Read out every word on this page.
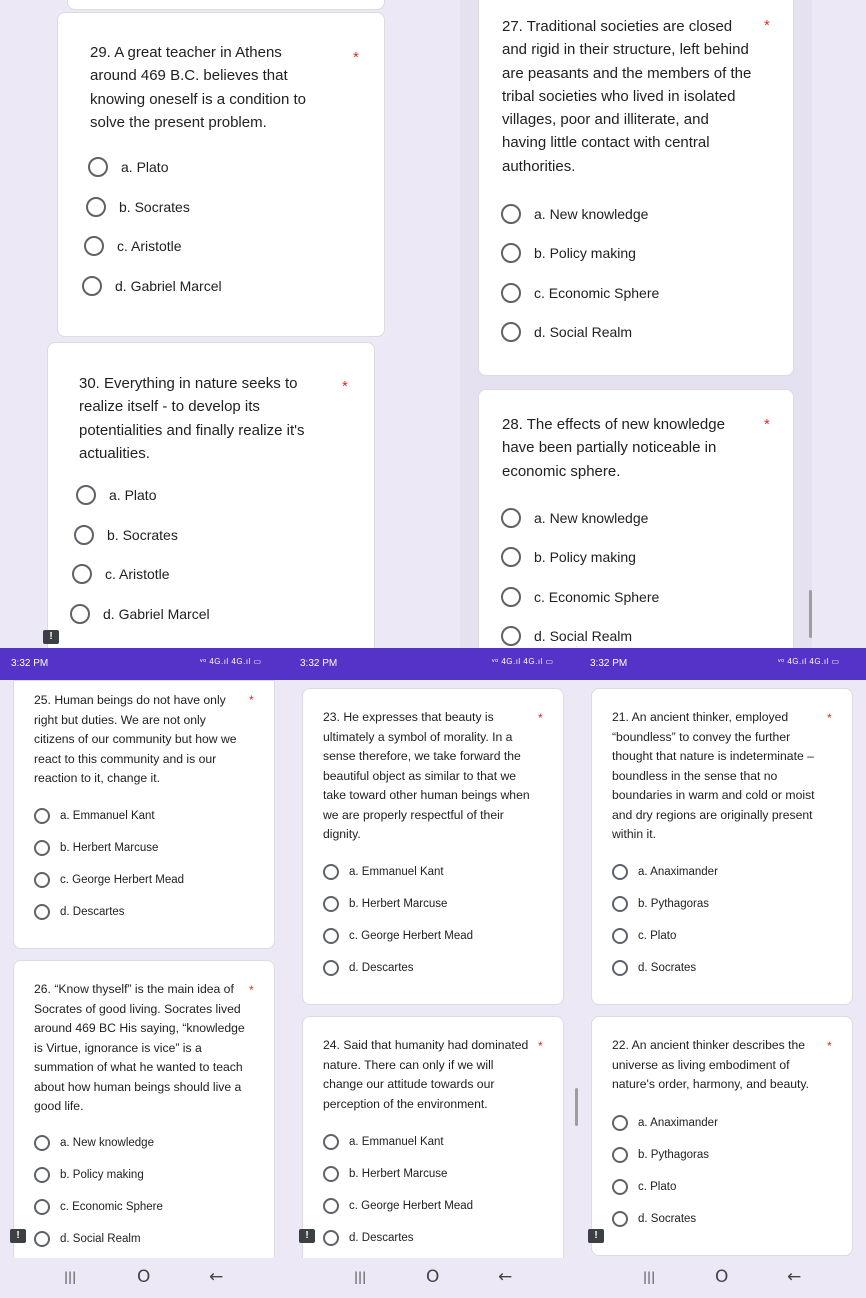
29. A great teacher in Athens around 469 B.C. believes that knowing oneself is a condition to solve the present problem.
*
a. Plato
b. Socrates
c. Aristotle
d. Gabriel Marcel
30. Everything in nature seeks to realize itself - to develop its potentialities and finally realize it's actualities.
*
a. Plato
b. Socrates
c. Aristotle
d. Gabriel Marcel
!
27. Traditional societies are closed and rigid in their structure, left behind are peasants and the members of the tribal societies who lived in isolated villages, poor and illiterate, and having little contact with central authorities.
*
a. New knowledge
b. Policy making
c. Economic Sphere
d. Social Realm
28. The effects of new knowledge have been partially noticeable in economic sphere.
*
a. New knowledge
b. Policy making
c. Economic Sphere
d. Social Realm
3:32 PM	ᵛᵒ 4G.ıl 4G.ıl ▭	3:32 PM	ᵛᵒ 4G.ıl 4G.ıl ▭	3:32 PM	ᵛᵒ 4G.ıl 4G.ıl ▭
25. Human beings do not have only right but duties. We are not only citizens of our community but how we react to this community and is our reaction to it, change it.
*
a. Emmanuel Kant
b. Herbert Marcuse
c. George Herbert Mead
d. Descartes
26. “Know thyself” is the main idea of Socrates of good living. Socrates lived around 469 BC His saying, “knowledge is Virtue, ignorance is vice” is a summation of what he wanted to teach about how human beings should live a good life.
*
a. New knowledge
b. Policy making
c. Economic Sphere
d. Social Realm
!
23. He expresses that beauty is ultimately a symbol of morality. In a sense therefore, we take forward the beautiful object as similar to that we take toward other human beings when we are properly respectful of their dignity.
*
a. Emmanuel Kant
b. Herbert Marcuse
c. George Herbert Mead
d. Descartes
24. Said that humanity had dominated nature. There can only if we will change our attitude towards our perception of the environment.
*
a. Emmanuel Kant
b. Herbert Marcuse
c. George Herbert Mead
d. Descartes
!
21. An ancient thinker, employed “boundless” to convey the further thought that nature is indeterminate – boundless in the sense that no boundaries in warm and cold or moist and dry regions are originally present within it.
*
a. Anaximander
b. Pythagoras
c. Plato
d. Socrates
22. An ancient thinker describes the universe as living embodiment of nature's order, harmony, and beauty.
*
a. Anaximander
b. Pythagoras
c. Plato
d. Socrates
!
|||	O	←	|||	O	←	|||	O	←
